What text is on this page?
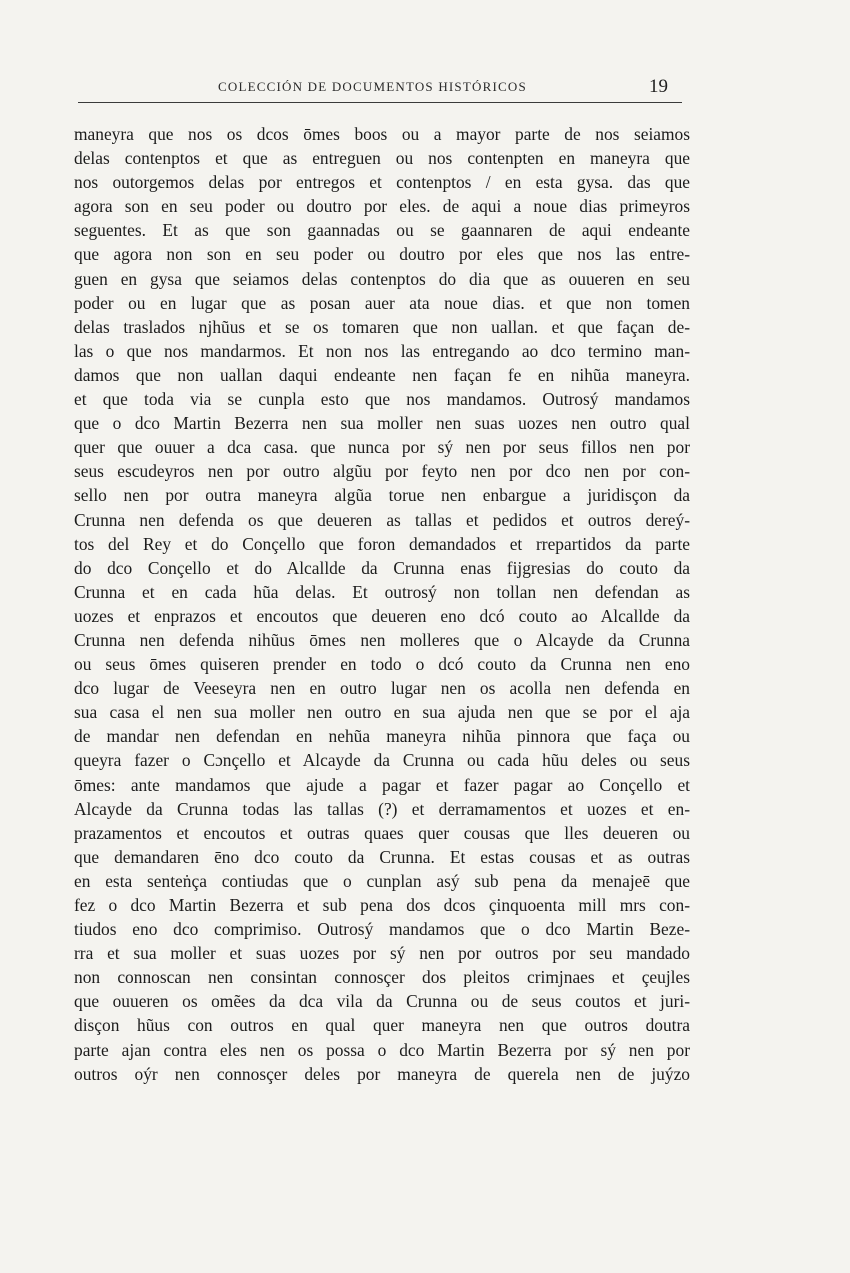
COLECCIÓN DE DOCUMENTOS HISTÓRICOS	19
maneyra que nos os dcos ōmes boos ou a mayor parte de nos seiamos
delas contenptos et que as entreguen ou nos contenpten en maneyra que
nos outorgemos delas por entregos et contenptos / en esta gysa. das que
agora son en seu poder ou doutro por eles. de aqui a noue dias primeyros
seguentes. Et as que son gaannadas ou se gaannaren de aqui endeante
que agora non son en seu poder ou doutro por eles que nos las entre-
guen en gysa que seiamos delas contenptos do dia que as ouueren en seu
poder ou en lugar que as posan auer ata noue dias. et que non tomen
delas traslados njhũus et se os tomaren que non uallan. et que façan de-
las o que nos mandarmos. Et non nos las entregando ao dco termino man-
damos que non uallan daqui endeante nen façan fe en nihũa maneyra.
et que toda via se cunpla esto que nos mandamos. Outrosý mandamos
que o dco Martin Bezerra nen sua moller nen suas uozes nen outro qual
quer que ouuer a dca casa. que nunca por sý nen por seus fillos nen por
seus escudeyros nen por outro algũu por feyto nen por dco nen por con-
sello nen por outra maneyra algũa torue nen enbargue a juridisçon da
Crunna nen defenda os que deueren as tallas et pedidos et outros dereý-
tos del Rey et do Conçello que foron demandados et rrepartidos da parte
do dco Conçello et do Alcallde da Crunna enas fijgresias do couto da
Crunna et en cada hũa delas. Et outrosý non tollan nen defendan as
uozes et enprazos et encoutos que deueren eno dcó couto ao Alcallde da
Crunna nen defenda nihũus ōmes nen molleres que o Alcayde da Crunna
ou seus ōmes quiseren prender en todo o dcó couto da Crunna nen eno
dco lugar de Veeseyra nen en outro lugar nen os acolla nen defenda en
sua casa el nen sua moller nen outro en sua ajuda nen que se por el aja
de mandar nen defendan en nehũa maneyra nihũa pinnora que faça ou
queyra fazer o Cɔnçello et Alcayde da Crunna ou cada hũu deles ou seus
ōmes: ante mandamos que ajude a pagar et fazer pagar ao Conçello et
Alcayde da Crunna todas las tallas (?) et derramamentos et uozes et en-
prazamentos et encoutos et outras quaes quer cousas que lles deueren ou
que demandaren ēno dco couto da Crunna. Et estas cousas et as outras
en esta senteṅça contiudas que o cunplan asý sub pena da menajeē que
fez o dco Martin Bezerra et sub pena dos dcos çinquoenta mill mrs con-
tiudos eno dco comprimiso. Outrosý mandamos que o dco Martin Beze-
rra et sua moller et suas uozes por sý nen por outros por seu mandado
non connoscan nen consintan connosçer dos pleitos crimjnaes et çeujles
que ouueren os omẽes da dca vila da Crunna ou de seus coutos et juri-
disçon hũus con outros en qual quer maneyra nen que outros doutra
parte ajan contra eles nen os possa o dco Martin Bezerra por sý nen por
outros oýr nen connosçer deles por maneyra de querela nen de juýzo
